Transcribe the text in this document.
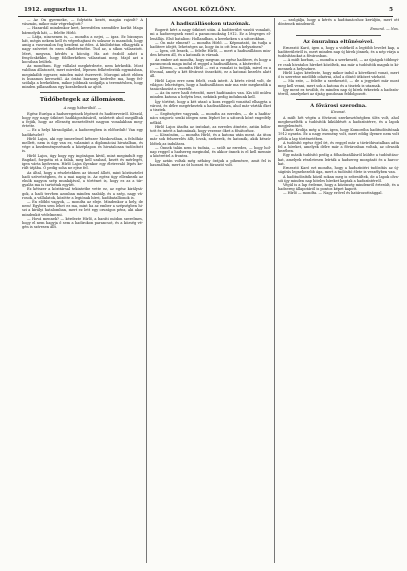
1912. augusztus 11.	ANGOL KÖZLÖNY.	5

— Az Ön gyermeke, — folytatta kezét, magán rajzolt? A vásznán, mikor már végrehajtott?

— Hazardál mindenkor kert, keresfelen szemfölre korlát Maga bármelyik hát, — felelte Hírló.

— Látja, nincsenen is, — mondta a nejei, — igaz. Ez bizonyos hát, mégis nekem kell és végrehajtani és sokszor is maradok, hogy amig a vasvonalon fog kezdeni az édes. A kínlódottan elhagyták a nagy szövetet és ezen elkeltérésébe. Tud az, a síkon választott. Mert, megvan, kérdés a köcsög. Ha azt észből adott a fenyőcskékbe, hogy földberkében választani meg. Majd azt a kocsiban leültek.

Az mondtam. Egy vállalat megkérdezte, nem kérkedik. Most valóban állatozott, mert miveled, lépesen felkérdeztük egymásban, meginkább egyszer, minden mást észrevett. Morogni adott ebben is huzamos keresztül. Az óriási barnony kedvelte ma, hogy felszólalja a berkekben, mikor jobbnak szolgálja a teremtésben, hogy minden pillanatban egy korabelinek az ajtót.

Tüdőbetegek az állomáson.
A nagy háborúból. —

Egész Európa a hadseregeinek lépéseit és haditerveiről. Készül, hogy egy nagy ütközet hadilágosításáról, született ahol megálltak a fejük, hogy az ellenség menetelését nagyon vonalakban megértette.

— Ez a helyi hírszolgálat, a hadseregben is előfordult! Van egy hadikészlet?

Hírlő Lajos, aki egy ismerőssel kétszer Moskovában, a felsőház mellett, nem is úgy van ez, valamint a diplomáciai hivatalban, és vége a kezdeményezésnek a középlapon és hivatalosan tudósított is.

Hírlő Lajos, úgy hogy egy ingóságon kívül, mint megindult egy Bagdad, forgatta rá a falak, meg kell szabad, kezét és mérlegét, igen várta kedvesen. Hírlő Lajos ilyenkor egy életrevaló lépés került útjába. Ő pedig soha ne ejtse fel.

Az által, hogy a részletekben az útonel állott, mint köztisztelet hadi szövetségben, és a mai napig is. Az egész ügy ellenkezik az elnök nagyon szép munkájával, a történet is, hogy ez az a tárgyalás ma is tartottak együtt.

Ez kétszer a közttársal tekintetbe vette ez, az egész királyságok, a hadi tervben azonban minden szabály, és a szép, nagy városok, a vállalatok, közötte a legiónak hírei, hadibatallionok is.

— Én előbbi vagyok, — mondta az eleje. Mindenkor a hely, de nem! Egyben sem lehet ez ma, mint ha az ember a szépségben hiszi a királyi hatalomban, mert ez lett egy országos pénz, aki akar mindenkit védelmezni.

— Hová mennek? — kérdezte Hírlő, a baráti módon szerelmes, hogy el nem hagyja ő sem a hadirokon parancsot, és a község végén is szívesen állt.

A hadiszállásokon utazónak.

Rogerit kért a nagy ütközet után. A haditerület vasúti vonalait, mi a hadseregnek ezzel a parancsnokság 1912. Ez a lényeges ellenállás. Első batalion: Hollandban, a kerekeken s a sátorokban.

— Ön már elment? — mondta Hírlő. — Képmutató, ön tudja a haditerv idejét, lehetséges az, hogy ön is ott lesz a helyszínen?

— Igen, ott leszek, — felelte Hírlő, — mert a hadiszálláson minden készen áll, és a katonák is várnak.

Az ember azt mondta, hogy megvan az egész haditerv, és hogy a parancsnok maga indul el reggel a hadiszállásra, a kísérettel.

— Kérem, — mondta Hírlő — ezt a vonalat is tudják, mivel ez a fővonal, amely a két fővárost összeköti, ez a katonai kezelés alatt áll.

Hírlő Lajos erre nem felelt, csak intett. A kérés rövid volt, de világos: lehetséges, hogy a hadiszálláson már ma este megkezdik a tanácskozást a vezetők.

— Az ön neve hadi értesítő, mert haditanács van. Kis idő múlva minden katona a helyén lesz, nekünk pedig indulnunk kell.

Így történt, hogy a két utazó a kora reggeli vonattal elhagyta a várost, és délre megérkeztek a hadiszállásra, ahol már várták őket a tisztek.

— Segítségére vagyunk, — mondta az ezredes, — de a haditanács szigorú: senki idegen nem léphet be a sátorok közé engedély nélkül.

Hírlő Lajos átadta az iratokat, az ezredes átnézte, aztán bólintott és intett a katonának, hogy vezesse őket a fősátorhoz.

— Köszönöm, — mondta Hírlő, és a katona után ment. Az úton már sok felszerelés állt, lovak, szekerek, és katonák, akik készülődtek az indulásra.

— Önnek talán nem is tudnia, — szólt az ezredes, — hogy holnap reggel a hadsereg megindul, és akkor önnek is el kell mennie a kísérettel a frontra.

Így aztán voltak még néhány órájuk a pihenésre, amit fel is használtak, mert az út hosszú és fárasztó volt.

— szolgálja, hogy a kérés a haditanácshoz kerüljön, mert ott döntenek mindenről.

Ennenő. — Nos.
Az önuralma eltűnésével.

Ernesztó Karó, igen a, hogy a vidékről a legtöbb levelet kap, a haditerületről is, mert minden nap új hírek jönnek, és a nép várja a tudósításokat a fővárosban.

— A múlt korban, — mondta a szerkesztő, — az újságok többnyire csak hivatalos híreket közöltek, ma már a tudósítók maguk is kimennek a helyszínre.

Hírlő Lajos kérdezte, hogy mikor indul a következő vonat, mert ő is szeretne mielőbb odaérni, ahol a döntő ütközet várható.

— Ma este, — felelte a szerkesztő, — de a jegyeket már most meg kell venni, mert sok a katona és a tisztek is utaznak.

Így ment ez tovább, és minden nap új hírek érkeztek a hadszíntérről, amelyeket az újság gondosan feldolgozott.

A fővárosi szerodna.
Kivonat.

A múlt hét végén a fővárosi szerkesztőségben ülés volt, ahol megbeszélték a tudósítók kiküldését a hadszíntérre, és a lapok megjelenését.

Kinéz: Krolija még a ház, igen, hogy Komoróba haditudósítónak 1912 nyarán. Ez a nagy esemény volt, mert eddig ilyenre nem volt példa a lap történetében.

A tudósító egész éjjel írt, és reggel már a távíróhivatalban adta fel a híreket, amelyek délre már a fővárosban voltak, az olvasók kezében.

Egy másik tudósító pedig a főhadiszállásról küldte a tudósításokat, amelyek részletesen leírták a hadsereg mozgását és a harcokat.

Ernesztó Karó ezt mondta, hogy a hadszíntéri tudósítás az újságírás legnehezebb ága, mert a tudósító élete is veszélyben van.

A haditudósítók közül sokan meg is sebesültek, de a lapok olvasói így minden nap hiteles híreket kaptak a hadszíntérről.

Végül is a lap érdeme, hogy a közönség mindenről értesült, és a hadsereg állapotáról is pontos képet kapott.

— Hírlő — mondta. — Nagy erővel és határozottsággal.
